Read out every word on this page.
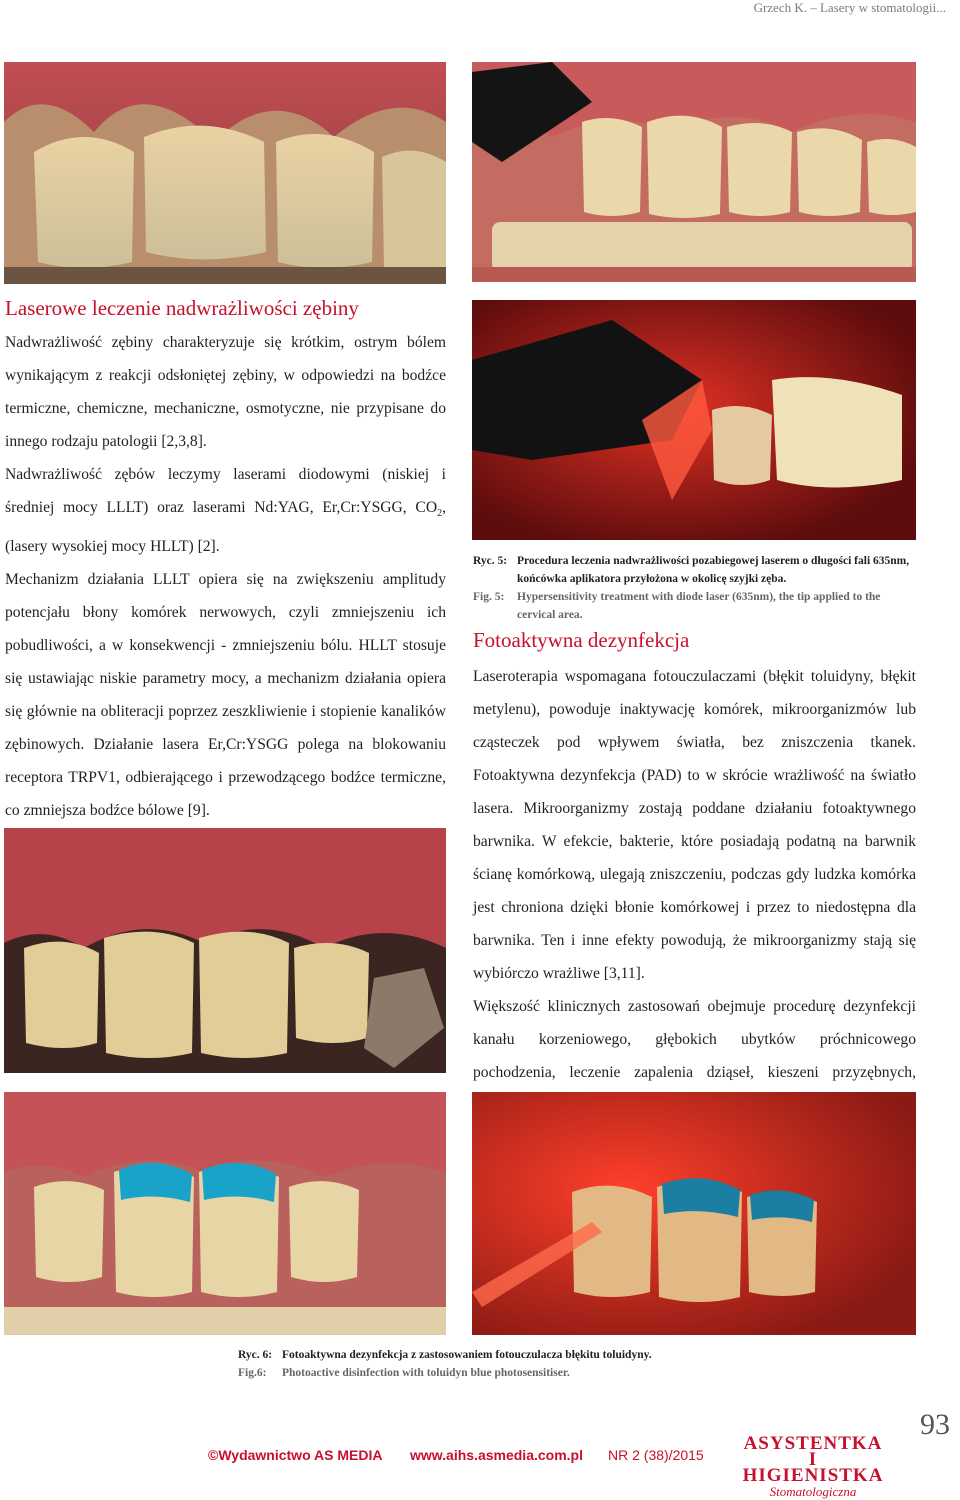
Grzech K. – Lasery w stomatologii...
Laserowe leczenie nadwrażliwości zębiny

Nadwrażliwość zębiny charakteryzuje się krótkim, ostrym bólem wynikającym z reakcji odsłoniętej zębiny, w odpowiedzi na bodźce termiczne, chemiczne, mechaniczne, osmotyczne, nie przypisane do innego rodzaju patologii [2,3,8].

Nadwrażliwość zębów leczymy laserami diodowymi (niskiej i średniej mocy LLLT) oraz laserami Nd:YAG, Er,Cr:YSGG, $CO_2$, (lasery wysokiej mocy HLLT) [2].

Mechanizm działania LLLT opiera się na zwiększeniu amplitudy potencjału błony komórek nerwowych, czyli zmniejszeniu ich pobudliwości, a w konsekwencji - zmniejszeniu bólu. HLLT stosuje się ustawiając niskie parametry mocy, a mechanizm działania opiera się głównie na obliteracji poprzez zeszkliwienie i stopienie kanalików zębinowych. Działanie lasera Er,Cr:YSGG polega na blokowaniu receptora TRPV1, odbierającego i przewodzącego bodźce termiczne, co zmniejsza bodźce bólowe [9].

Ryc. 5: Procedura leczenia nadwrażliwości pozabiegowej laserem o długości fali 635nm, końcówka aplikatora przyłożona w okolicę szyjki zęba.
Fig. 5:	Hypersensitivity treatment with diode laser (635nm), the tip applied to the cervical area.
Fotoaktywna dezynfekcja

Laseroterapia wspomagana fotouczulaczami (błękit toluidyny, błękit metylenu), powoduje inaktywację komórek, mikroorganizmów lub cząsteczek pod wpływem światła, bez zniszczenia tkanek. Fotoaktywna dezynfekcja (PAD) to w skrócie wrażliwość na światło lasera. Mikroorganizmy zostają poddane działaniu fotoaktywnego barwnika. W efekcie, bakterie, które posiadają podatną na barwnik ścianę komórkową, ulegają zniszczeniu, podczas gdy ludzka komórka jest chroniona dzięki błonie komórkowej i przez to niedostępna dla barwnika. Ten i inne efekty powodują, że mikroorganizmy stają się wybiórczo wrażliwe [3,11].

Większość klinicznych zastosowań obejmuje procedurę dezynfekcji kanału korzeniowego, głębokich ubytków próchnicowego pochodzenia, leczenie zapalenia dziąseł, kieszeni przyzębnych,

Ryc. 6: Fotoaktywna dezynfekcja z zastosowaniem fotouczulacza błękitu toluidyny.
Fig.6:	Photoactive disinfection with toluidyn blue photosensitiser.
©Wydawnictwo AS MEDIA www.aihs.asmedia.com.pl NR 2 (38)/2015
ASYSTENTKA
I HIGIENISTKA
Stomatologiczna
93
